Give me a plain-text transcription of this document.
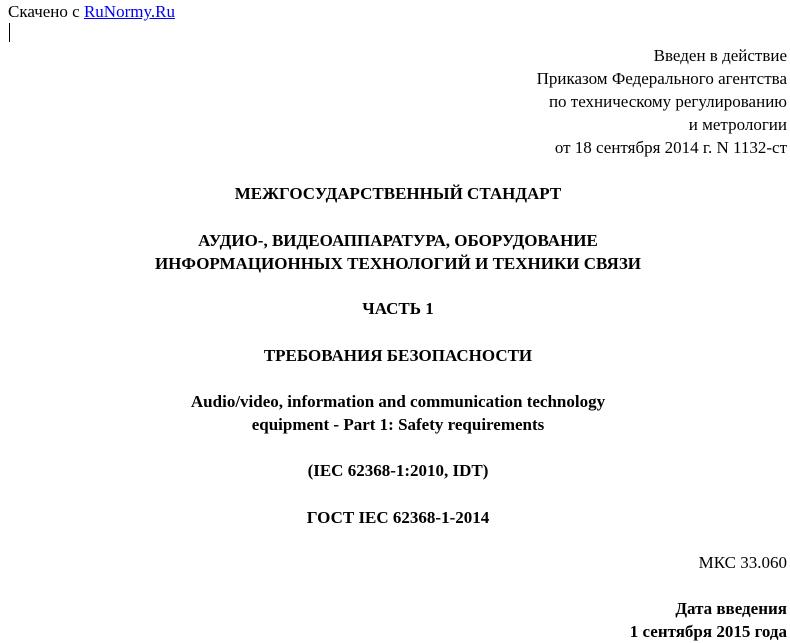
Скачено с RuNormy.Ru
Введен в действие
Приказом Федерального агентства
по техническому регулированию
и метрологии
от 18 сентября 2014 г. N 1132-ст
МЕЖГОСУДАРСТВЕННЫЙ СТАНДАРТ
АУДИО-, ВИДЕОАППАРАТУРА, ОБОРУДОВАНИЕ
ИНФОРМАЦИОННЫХ ТЕХНОЛОГИЙ И ТЕХНИКИ СВЯЗИ
ЧАСТЬ 1
ТРЕБОВАНИЯ БЕЗОПАСНОСТИ
Audio/video, information and communication technology
equipment - Part 1: Safety requirements
(IEC 62368-1:2010, IDT)
ГОСТ IEC 62368-1-2014
МКС 33.060
Дата введения
1 сентября 2015 года
